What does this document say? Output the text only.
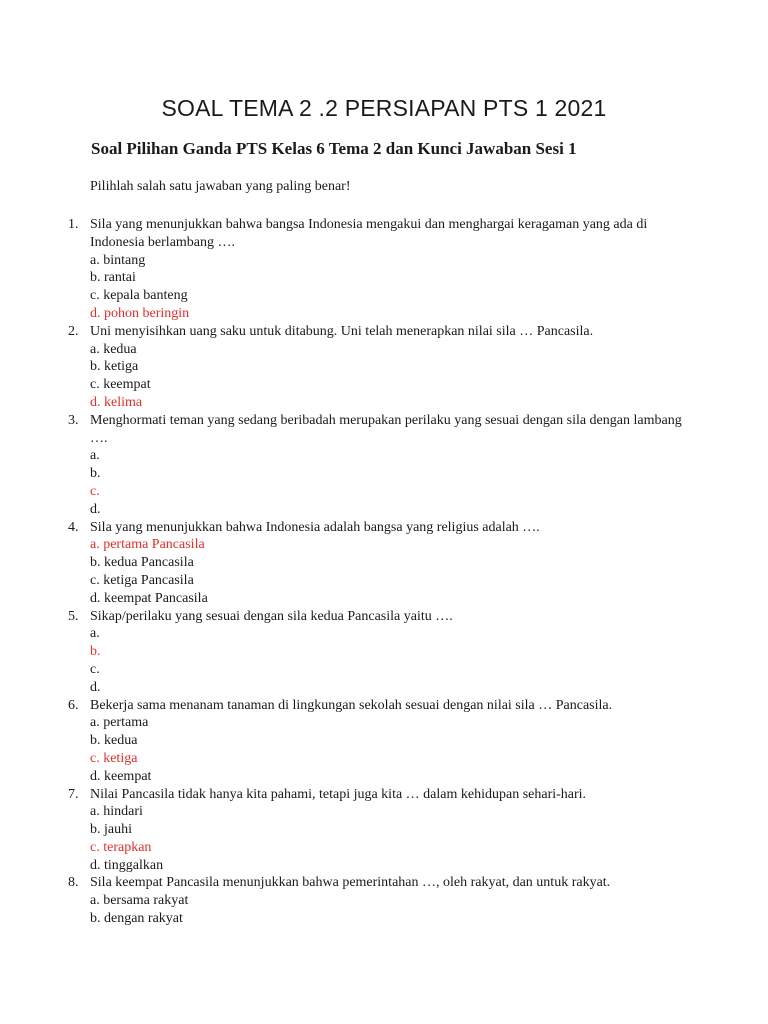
SOAL TEMA 2 .2 PERSIAPAN PTS 1 2021
Soal Pilihan Ganda PTS Kelas 6 Tema 2 dan Kunci Jawaban Sesi 1

Pilihlah salah satu jawaban yang paling benar!

1. Sila yang menunjukkan bahwa bangsa Indonesia mengakui dan menghargai keragaman yang ada di Indonesia berlambang ….
a. bintang
b. rantai
c. kepala banteng
d. pohon beringin
2. Uni menyisihkan uang saku untuk ditabung. Uni telah menerapkan nilai sila … Pancasila.
a. kedua
b. ketiga
c. keempat
d. kelima
3. Menghormati teman yang sedang beribadah merupakan perilaku yang sesuai dengan sila dengan lambang ….
a.
b.
c.
d.
4. Sila yang menunjukkan bahwa Indonesia adalah bangsa yang religius adalah ….
a. pertama Pancasila
b. kedua Pancasila
c. ketiga Pancasila
d. keempat Pancasila
5. Sikap/perilaku yang sesuai dengan sila kedua Pancasila yaitu ….
a.
b.
c.
d.
6. Bekerja sama menanam tanaman di lingkungan sekolah sesuai dengan nilai sila … Pancasila.
a. pertama
b. kedua
c. ketiga
d. keempat
7. Nilai Pancasila tidak hanya kita pahami, tetapi juga kita … dalam kehidupan sehari-hari.
a. hindari
b. jauhi
c. terapkan
d. tinggalkan
8. Sila keempat Pancasila menunjukkan bahwa pemerintahan …, oleh rakyat, dan untuk rakyat.
a. bersama rakyat
b. dengan rakyat
